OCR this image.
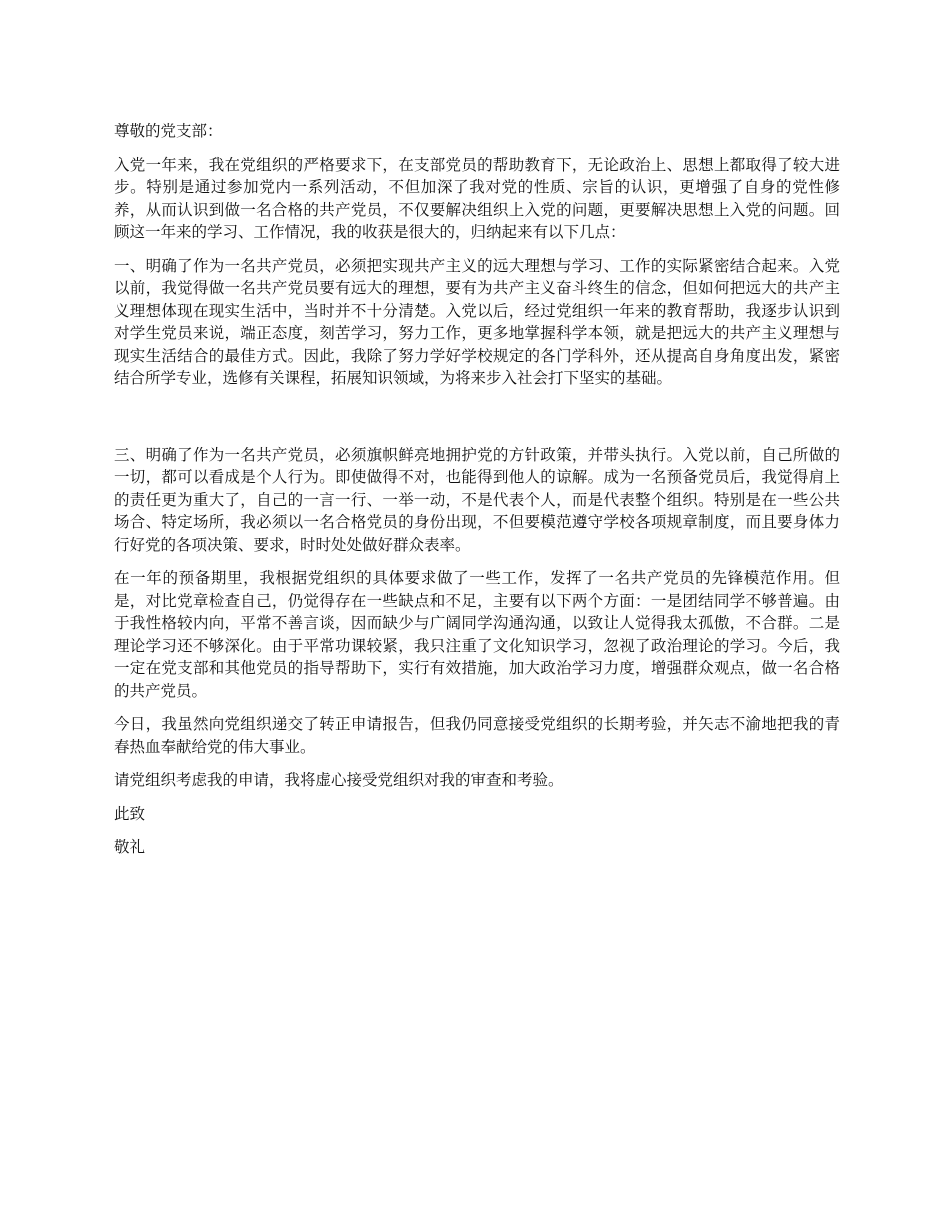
尊敬的党支部：

入党一年来，我在党组织的严格要求下，在支部党员的帮助教育下，无论政治上、思想上都取得了较大进步。特别是通过参加党内一系列活动，不但加深了我对党的性质、宗旨的认识，更增强了自身的党性修养，从而认识到做一名合格的共产党员，不仅要解决组织上入党的问题，更要解决思想上入党的问题。回顾这一年来的学习、工作情况，我的收获是很大的，归纳起来有以下几点：

一、明确了作为一名共产党员，必须把实现共产主义的远大理想与学习、工作的实际紧密结合起来。入党以前，我觉得做一名共产党员要有远大的理想，要有为共产主义奋斗终生的信念，但如何把远大的共产主义理想体现在现实生活中，当时并不十分清楚。入党以后，经过党组织一年来的教育帮助，我逐步认识到对学生党员来说，端正态度，刻苦学习，努力工作，更多地掌握科学本领，就是把远大的共产主义理想与现实生活结合的最佳方式。因此，我除了努力学好学校规定的各门学科外，还从提高自身角度出发，紧密结合所学专业，选修有关课程，拓展知识领域，为将来步入社会打下坚实的基础。

三、明确了作为一名共产党员，必须旗帜鲜亮地拥护党的方针政策，并带头执行。入党以前，自己所做的一切，都可以看成是个人行为。即使做得不对，也能得到他人的谅解。成为一名预备党员后，我觉得肩上的责任更为重大了，自己的一言一行、一举一动，不是代表个人，而是代表整个组织。特别是在一些公共场合、特定场所，我必须以一名合格党员的身份出现，不但要模范遵守学校各项规章制度，而且要身体力行好党的各项决策、要求，时时处处做好群众表率。

在一年的预备期里，我根据党组织的具体要求做了一些工作，发挥了一名共产党员的先锋模范作用。但是，对比党章检查自己，仍觉得存在一些缺点和不足，主要有以下两个方面：一是团结同学不够普遍。由于我性格较内向，平常不善言谈，因而缺少与广阔同学沟通沟通，以致让人觉得我太孤傲，不合群。二是理论学习还不够深化。由于平常功课较紧，我只注重了文化知识学习，忽视了政治理论的学习。今后，我一定在党支部和其他党员的指导帮助下，实行有效措施，加大政治学习力度，增强群众观点，做一名合格的共产党员。

今日，我虽然向党组织递交了转正申请报告，但我仍同意接受党组织的长期考验，并矢志不渝地把我的青春热血奉献给党的伟大事业。

请党组织考虑我的申请，我将虚心接受党组织对我的审查和考验。

此致

敬礼
